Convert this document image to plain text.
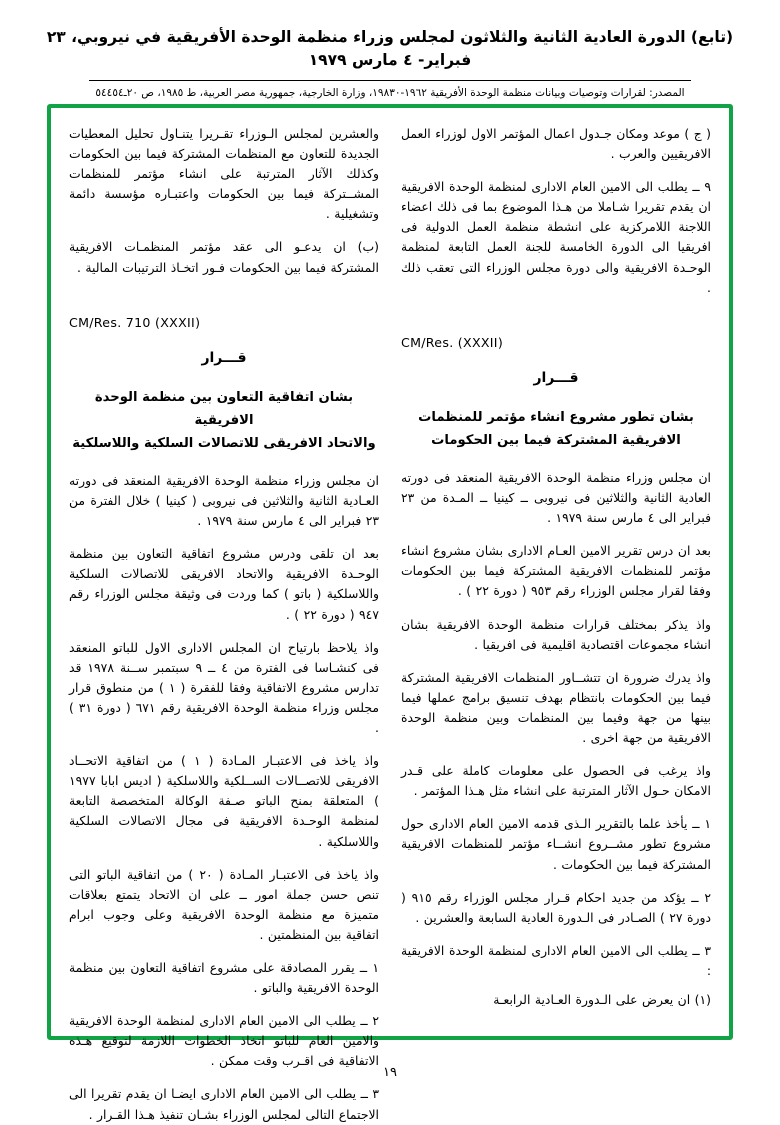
(تابع) الدورة العادية الثانية والثلاثون لمجلس وزراء منظمة الوحدة الأفريقية في نيروبي، ٢٣ فبراير- ٤ مارس ١٩٧٩
المصدر: لقرارات وتوصيات وبيانات منظمة الوحدة الأفريقية ١٩٦٢-١٩٨٣٠، وزارة الخارجية، جمهورية مصر العربية، ط ١٩٨٥، ص ٢٠ـ٥٤٤٥٤

( ج ) موعد ومكان جـدول اعمال المؤتمر الاول لوزراء العمل الافريقيين والعرب .

٩ ــ يطلب الى الامين العام الادارى لمنظمة الوحدة الافريقية ان يقدم تقريرا شـاملا من هـذا الموضوع بما فى ذلك اعضاء اللاجنة اللامركزية على انشطة منظمة العمل الدولية فى افريقيا الى الدورة الخامسة للجنة العمل التابعة لمنظمة الوحـدة الافريقية والى دورة مجلس الوزراء التى تعقب ذلك .

CM/Res. (XXXII)
قـــرار
بشان تطور مشروع انشاء مؤتمر للمنظمات
الافريقية المشتركة فيما بين الحكومات

ان مجلس وزراء منظمة الوحدة الافريقية المنعقد فى دورته العادية الثانية والثلاثين فى نيروبى ــ كينيا ــ المـدة من ٢٣ فبراير الى ٤ مارس سنة ١٩٧٩ .

بعد ان درس تقرير الامين العـام الادارى بشان مشروع انشاء مؤتمر للمنظمات الافريقية المشتركة فيما بين الحكومات وفقا لقرار مجلس الوزراء رقم ٩٥٣ ( دورة ٢٢ ) .

واذ يذكر بمختلف قرارات منظمة الوحدة الافريقية بشان انشاء مجموعات اقتصادية اقليمية فى افريقيا .

واذ يدرك ضرورة ان تتشــاور المنظمات الافريقية المشتركة فيما بين الحكومات بانتظام بهدف تنسيق برامج عملها فيما بينها من جهة وفيما بين المنظمات وبين منظمة الوحدة الافريقية من جهة اخرى .

واذ يرغب فى الحصول على معلومات كاملة على قـدر الامكان حـول الآثار المترتبة على انشاء مثل هـذا المؤتمر .

١ ــ يأخذ علما بالتقرير الـذى قدمه الامين العام الادارى حول مشروع تطور مشــروع انشــاء مؤتمر للمنظمات الافريقية المشتركة فيما بين الحكومات .

٢ ــ يؤكد من جديد احكام قـرار مجلس الوزراء رقم ٩١٥ ( دورة ٢٧ ) الصـادر فى الـدورة العادية السابعة والعشرين .

٣ ــ يطلب الى الامين العام الادارى لمنظمة الوحدة الافريقية :

(١) ان يعرض على الـدورة العـادية الرابعـة

والعشرين لمجلس الـوزراء تقـريرا يتنـاول تحليل المعطيات الجديدة للتعاون مع المنظمات المشتركة فيما بين الحكومات وكذلك الآثار المترتبة على انشاء مؤتمر للمنظمات المشــتركة فيما بين الحكومات واعتبـاره مؤسسة دائمة وتشغيلية .

(ب) ان يدعـو الى عقد مؤتمر المنظمـات الافريقية المشتركة فيما بين الحكومات فـور اتخـاذ الترتيبات المالية .

CM/Res. 710 (XXXII)
قـــرار
بشان اتفاقية التعاون بين منظمة الوحدة الافريقية
والاتحاد الافريقى للاتصالات السلكية واللاسلكية

ان مجلس وزراء منظمة الوحدة الافريقية المنعقد فى دورته العـادية الثانية والثلاثين فى نيروبى ( كينيا ) خلال الفترة من ٢٣ فبراير الى ٤ مارس سنة ١٩٧٩ .

بعد ان تلقى ودرس مشروع اتفاقية التعاون بين منظمة الوحـدة الافريقية والاتحاد الافريقى للاتصالات السلكية واللاسلكية ( باتو ) كما وردت فى وثيقة مجلس الوزراء رقم ٩٤٧ ( دورة ٢٢ ) .

واذ يلاحظ بارتياح ان المجلس الادارى الاول للباتو المنعقد فى كنشـاسا فى الفترة من ٤ ــ ٩ سبتمبر ســنة ١٩٧٨ قد تدارس مشروع الاتفاقية وفقا للفقرة ( ١ ) من منطوق قرار مجلس وزراء منظمة الوحدة الافريقية رقم ٦٧١ ( دورة ٣١ ) .

واذ ياخذ فى الاعتبـار المـادة ( ١ ) من اتفاقية الاتحــاد الافريقى للاتصــالات الســلكية واللاسلكية ( اديس ابابا ١٩٧٧ ) المتعلقة بمنح الباتو صـفة الوكالة المتخصصة التابعة لمنظمة الوحـدة الافريقية فى مجال الاتصالات السلكية واللاسلكية .

واذ ياخذ فى الاعتبـار المـادة ( ٢٠ ) من اتفاقية الباتو التى تنص حسن جملة امور ــ على ان الاتحاد يتمتع بعلاقات متميزة مع منظمة الوحدة الافريقية وعلى وجوب ابرام اتفاقية بين المنظمتين .

١ ــ يقرر المصادقة على مشروع اتفاقية التعاون بين منظمة الوحدة الافريقية والباتو .

٢ ــ يطلب الى الامين العام الادارى لمنظمة الوحدة الافريقية والامين العام للباتو اتخاذ الخطوات اللازمة لتوقيع هـذه الاتفاقية فى اقـرب وقت ممكن .

٣ ــ يطلب الى الامين العام الادارى ايضـا ان يقدم تقريرا الى الاجتماع التالى لمجلس الوزراء بشـان تنفيذ هـذا القـرار .

١٩
